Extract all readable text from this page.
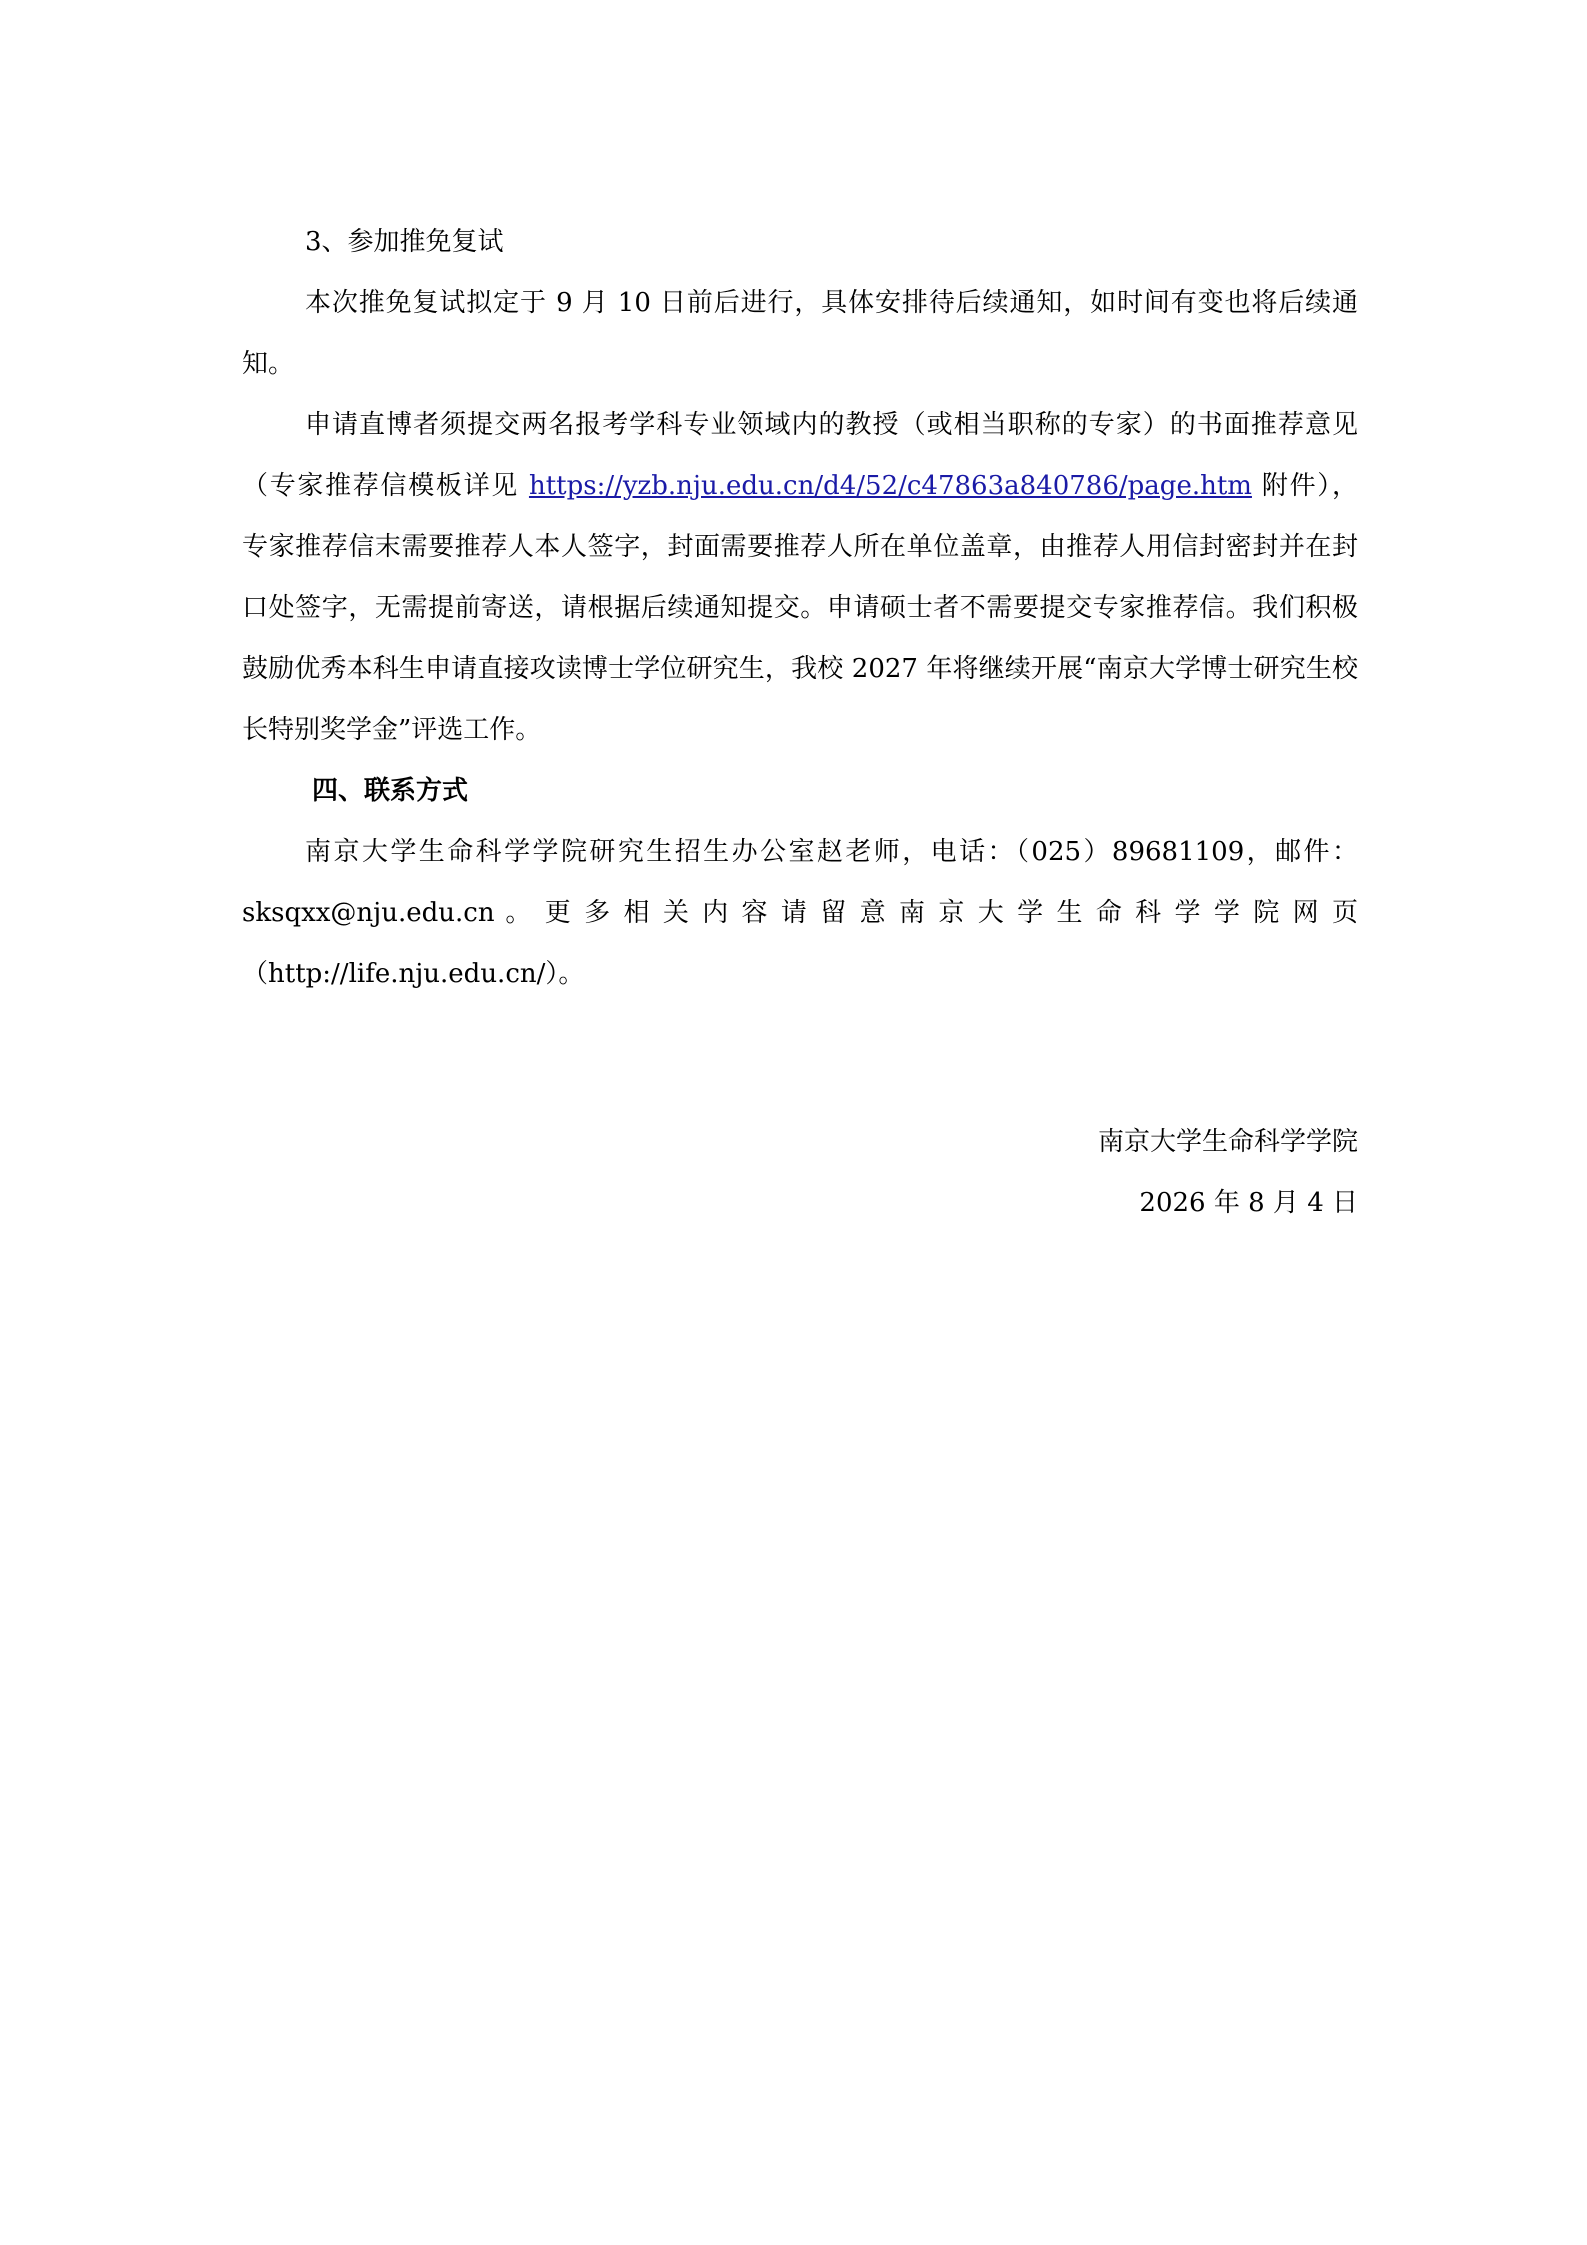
3、参加推免复试

本次推免复试拟定于 9 月 10 日前后进行，具体安排待后续通知，如时间有变也将后续通知。

申请直博者须提交两名报考学科专业领域内的教授（或相当职称的专家）的书面推荐意见（专家推荐信模板详见 https://yzb.nju.edu.cn/d4/52/c47863a840786/page.htm 附件），专家推荐信末需要推荐人本人签字，封面需要推荐人所在单位盖章，由推荐人用信封密封并在封口处签字，无需提前寄送，请根据后续通知提交。申请硕士者不需要提交专家推荐信。我们积极鼓励优秀本科生申请直接攻读博士学位研究生，我校 2027 年将继续开展“南京大学博士研究生校长特别奖学金”评选工作。

四、联系方式

南京大学生命科学学院研究生招生办公室赵老师，电话：（025）89681109，邮件：

sksqxx@nju.edu.cn 。 更 多 相 关 内 容 请 留 意 南 京 大 学 生 命 科 学 学 院 网 页

（http://life.nju.edu.cn/）。

南京大学生命科学学院

2026 年 8 月 4 日
